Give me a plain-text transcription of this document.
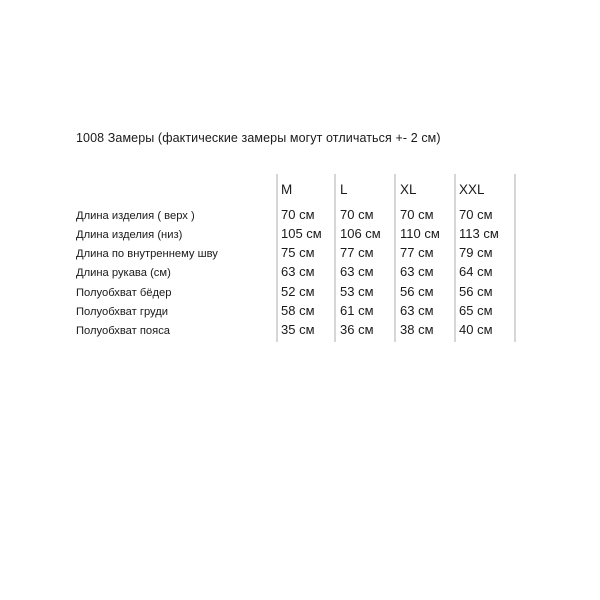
1008 Замеры (фактические замеры могут отличаться +- 2 см)
M	L	XL	XXL
Длина изделия ( верх )	70 см 70 см 70 см 70 см
Длина изделия (низ)	105 см 106 см 110 см 113 см
Длина по внутреннему шву	75 см 77 см 77 см 79 см
Длина рукава (см)	63 см 63 см 63 см 64 см
Полуобхват бёдер	52 см 53 см 56 см 56 см
Полуобхват груди	58 см 61 см 63 см 65 см
Полуобхват пояса	35 см 36 см 38 см 40 см
